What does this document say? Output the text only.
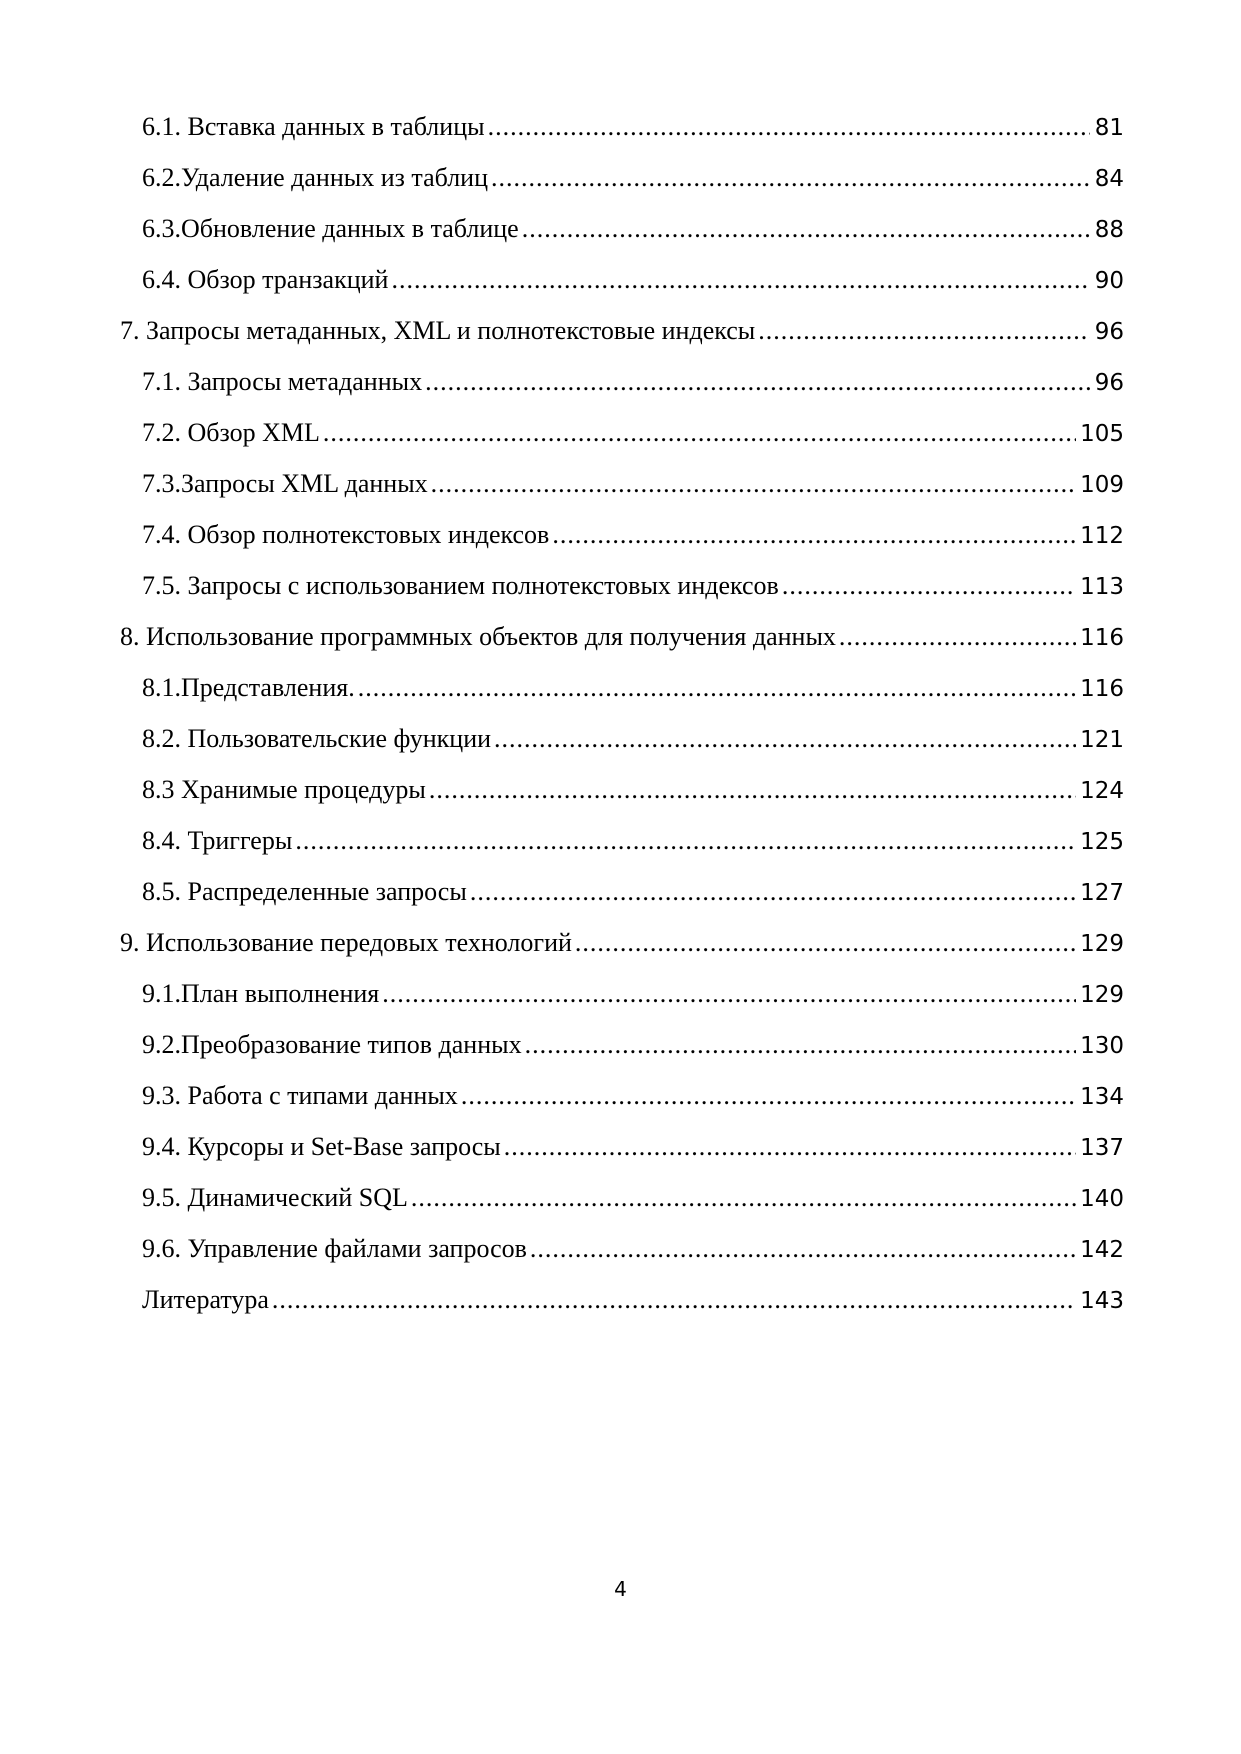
6.1. Вставка данных в таблицы .....	81
6.2.Удаление данных из таблиц .....	84
6.3.Обновление данных в таблице .....	88
6.4. Обзор транзакций .....	90
7. Запросы метаданных, XML и полнотекстовые индексы .....	96
7.1. Запросы метаданных .....	96
7.2. Обзор XML .....	105
7.3.Запросы XML данных .....	109
7.4. Обзор полнотекстовых индексов .....	112
7.5. Запросы с использованием полнотекстовых индексов .....	113
8. Использование программных объектов для получения данных .....	116
8.1.Представления. .....	116
8.2. Пользовательские функции .....	121
8.3 Хранимые процедуры .....	124
8.4. Триггеры .....	125
8.5. Распределенные запросы .....	127
9. Использование передовых технологий .....	129
9.1.План выполнения .....	129
9.2.Преобразование типов данных .....	130
9.3. Работа с типами данных .....	134
9.4. Курсоры и Set-Base запросы .....	137
9.5. Динамический SQL .....	140
9.6. Управление файлами запросов .....	142
Литература .....	143
4
